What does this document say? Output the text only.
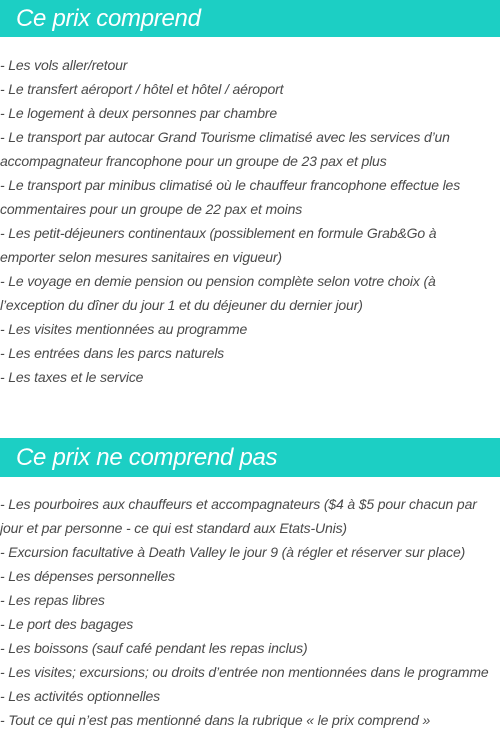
Ce prix comprend
- Les vols aller/retour
- Le transfert aéroport / hôtel et hôtel / aéroport
- Le logement à deux personnes par chambre
- Le transport par autocar Grand Tourisme climatisé avec les services d’un
accompagnateur francophone pour un groupe de 23 pax et plus
- Le transport par minibus climatisé où le chauffeur francophone effectue les
commentaires pour un groupe de 22 pax et moins
- Les petit-déjeuners continentaux (possiblement en formule Grab&Go à
emporter selon mesures sanitaires en vigueur)
- Le voyage en demie pension ou pension complète selon votre choix (à
l’exception du dîner du jour 1 et du déjeuner du dernier jour)
- Les visites mentionnées au programme
- Les entrées dans les parcs naturels
- Les taxes et le service
Ce prix ne comprend pas
- Les pourboires aux chauffeurs et accompagnateurs ($4 à $5 pour chacun par
jour et par personne - ce qui est standard aux Etats-Unis)
- Excursion facultative à Death Valley le jour 9 (à régler et réserver sur place)
- Les dépenses personnelles
- Les repas libres
- Le port des bagages
- Les boissons (sauf café pendant les repas inclus)
- Les visites; excursions; ou droits d’entrée non mentionnées dans le programme
- Les activités optionnelles
- Tout ce qui n’est pas mentionné dans la rubrique « le prix comprend »
